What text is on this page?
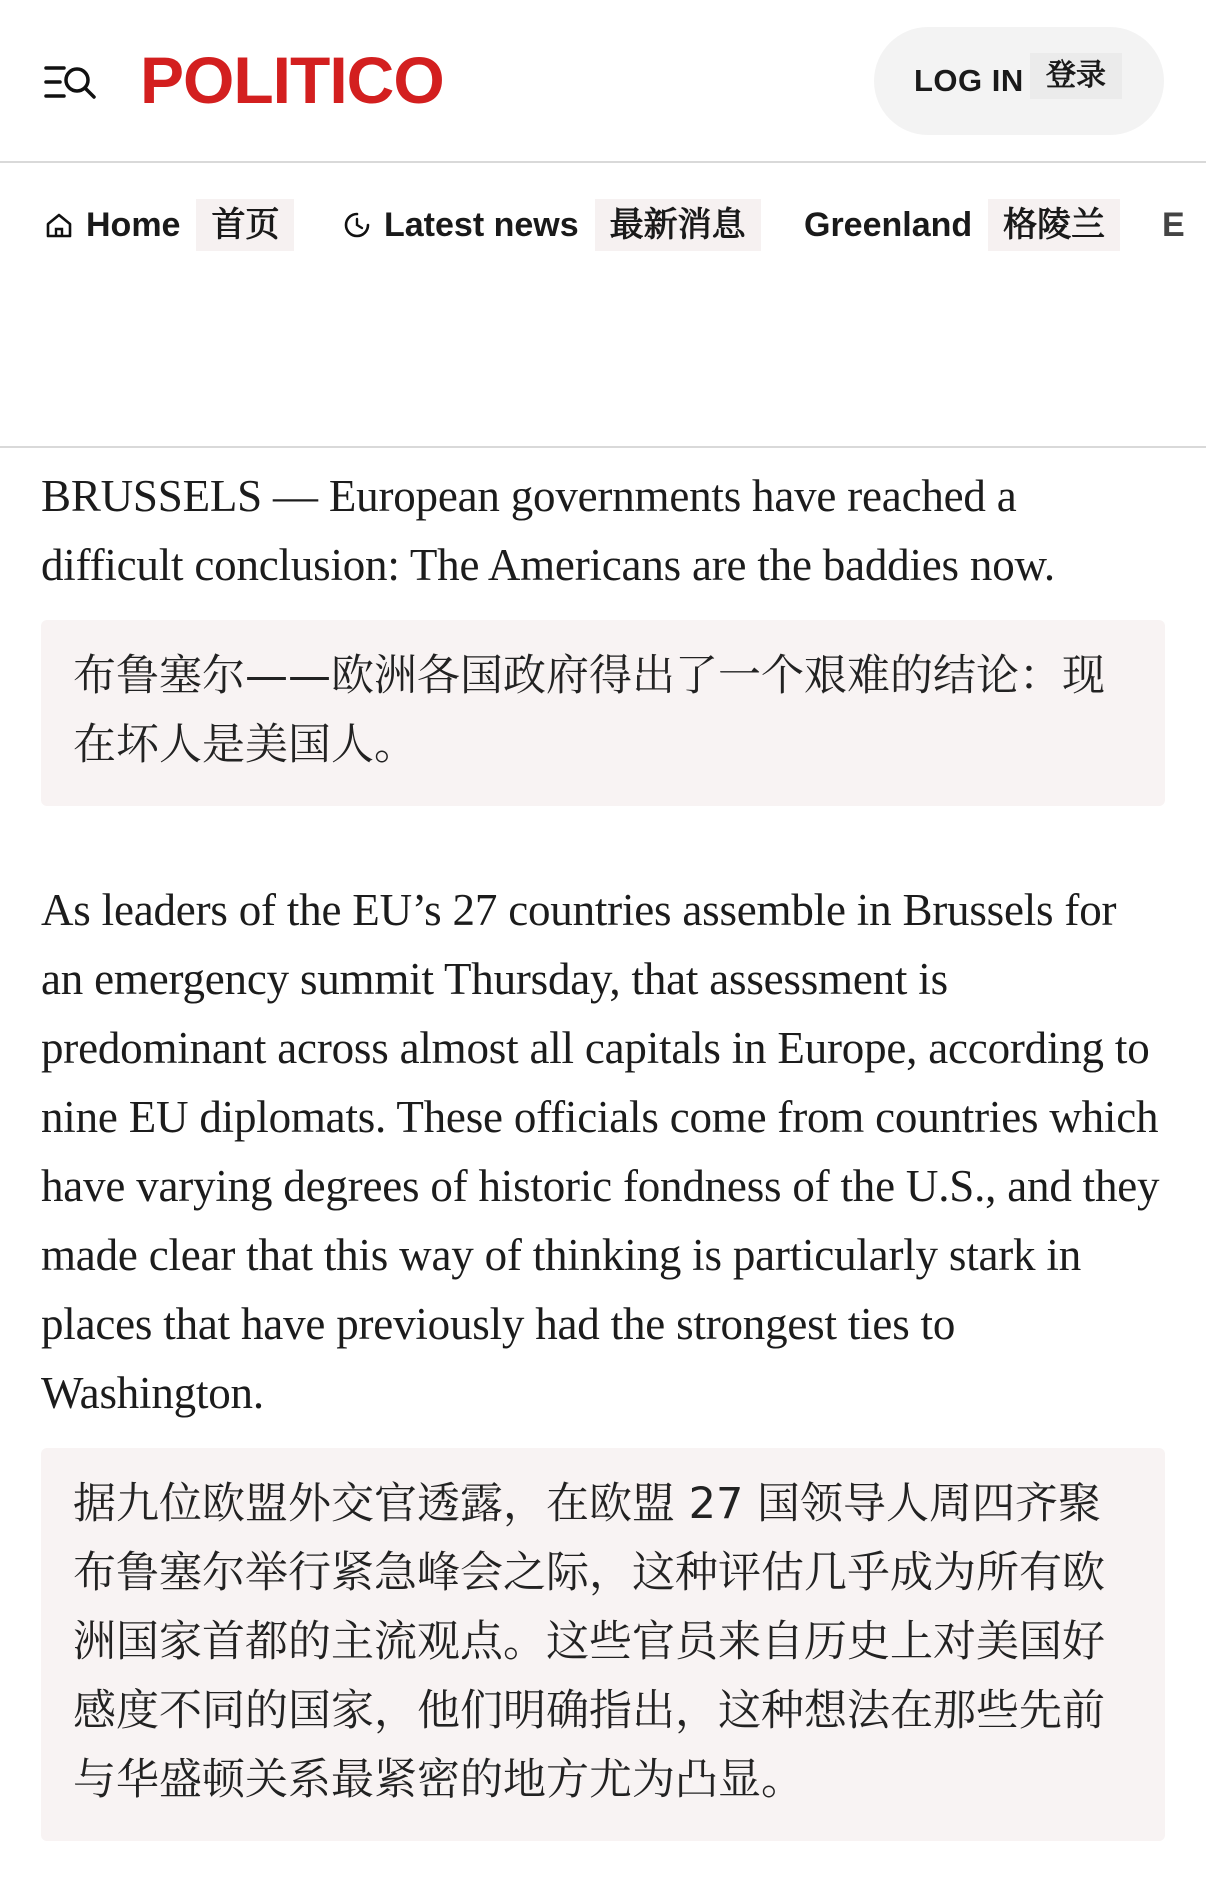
POLITICO	LOG IN 登录
Home 首页	Latest news 最新消息	Greenland 格陵兰	E

BRUSSELS — European governments have reached a difficult conclusion: The Americans are the baddies now.

布鲁塞尔——欧洲各国政府得出了一个艰难的结论：现在坏人是美国人。

As leaders of the EU’s 27 countries assemble in Brussels for an emergency summit Thursday, that assessment is predominant across almost all capitals in Europe, according to nine EU diplomats. These officials come from countries which have varying degrees of historic fondness of the U.S., and they made clear that this way of thinking is particularly stark in places that have previously had the strongest ties to Washington.

据九位欧盟外交官透露，在欧盟 27 国领导人周四齐聚布鲁塞尔举行紧急峰会之际，这种评估几乎成为所有欧洲国家首都的主流观点。这些官员来自历史上对美国好感度不同的国家，他们明确指出，这种想法在那些先前与华盛顿关系最紧密的地方尤为凸显。
